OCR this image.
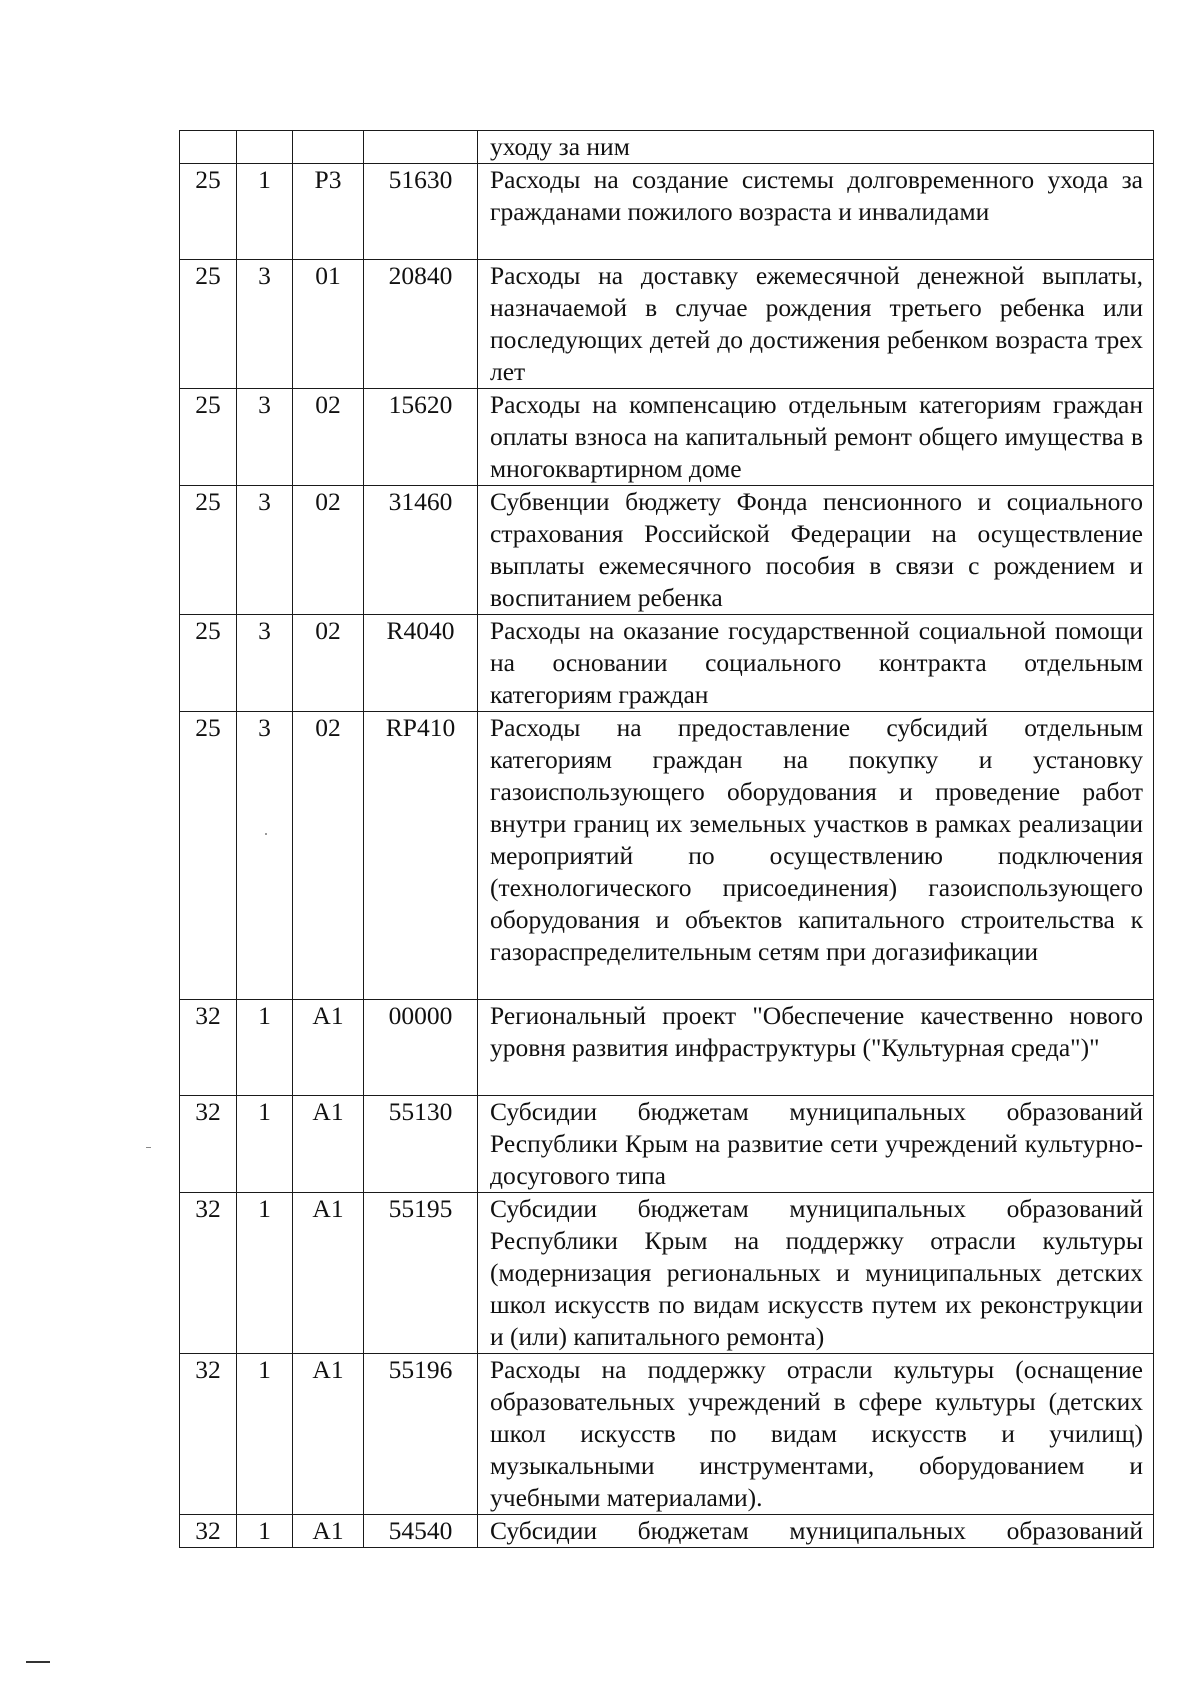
				уходу за ним
25	1	Р3	51630	Расходы на создание системы долговременного ухода за гражданами пожилого возраста и инвалидами
25	3	01	20840	Расходы на доставку ежемесячной денежной выплаты, назначаемой в случае рождения третьего ребенка или последующих детей до достижения ребенком возраста трех лет
25	3	02	15620	Расходы на компенсацию отдельным категориям граждан оплаты взноса на капитальный ремонт общего имущества в многоквартирном доме
25	3	02	31460	Субвенции бюджету Фонда пенсионного и социального страхования Российской Федерации на осуществление выплаты ежемесячного пособия в связи с рождением и воспитанием ребенка
25	3	02	R4040	Расходы на оказание государственной социальной помощи на основании социального контракта отдельным категориям граждан
25	3	02	RP410	Расходы на предоставление субсидий отдельным категориям граждан на покупку и установку газоиспользующего оборудования и проведение работ внутри границ их земельных участков в рамках реализации мероприятий по осуществлению подключения (технологического присоединения) газоиспользующего оборудования и объектов капитального строительства к газораспределительным сетям при догазификации
32	1	А1	00000	Региональный проект "Обеспечение качественно нового уровня развития инфраструктуры ("Культурная среда")"
32	1	А1	55130	Субсидии бюджетам муниципальных образований Республики Крым на развитие сети учреждений культурно-досугового типа
32	1	А1	55195	Субсидии бюджетам муниципальных образований Республики Крым на поддержку отрасли культуры (модернизация региональных и муниципальных детских школ искусств по видам искусств путем их реконструкции и (или) капитального ремонта)
32	1	А1	55196	Расходы на поддержку отрасли культуры (оснащение образовательных учреждений в сфере культуры (детских школ искусств по видам искусств и училищ) музыкальными инструментами, оборудованием и учебными материалами).
32	1	А1	54540	Субсидии бюджетам муниципальных образований
